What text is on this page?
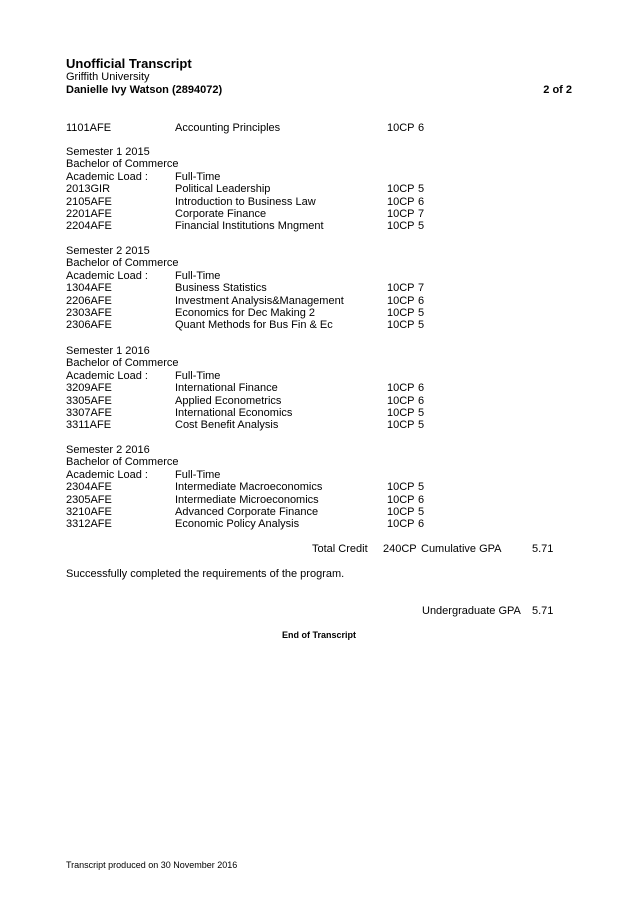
Unofficial Transcript
Griffith University
Danielle Ivy Watson (2894072)	2 of 2
1101AFE	Accounting Principles	10CP 6
Semester 1 2015
Bachelor of Commerce
Academic Load : Full-Time
2013GIR	Political Leadership	10CP 5
2105AFE	Introduction to Business Law	10CP 6
2201AFE	Corporate Finance	10CP 7
2204AFE	Financial Institutions Mngment	10CP 5
Semester 2 2015
Bachelor of Commerce
Academic Load : Full-Time
1304AFE	Business Statistics	10CP 7
2206AFE	Investment Analysis&Management	10CP 6
2303AFE	Economics for Dec Making 2	10CP 5
2306AFE	Quant Methods for Bus Fin & Ec	10CP 5
Semester 1 2016
Bachelor of Commerce
Academic Load : Full-Time
3209AFE	International Finance	10CP 6
3305AFE	Applied Econometrics	10CP 6
3307AFE	International Economics	10CP 5
3311AFE	Cost Benefit Analysis	10CP 5
Semester 2 2016
Bachelor of Commerce
Academic Load : Full-Time
2304AFE	Intermediate Macroeconomics	10CP 5
2305AFE	Intermediate Microeconomics	10CP 6
3210AFE	Advanced Corporate Finance	10CP 5
3312AFE	Economic Policy Analysis	10CP 6
Total Credit 240CP Cumulative GPA	5.71
Successfully completed the requirements of the program.
Undergraduate GPA 5.71
End of Transcript
Transcript produced on 30 November 2016
